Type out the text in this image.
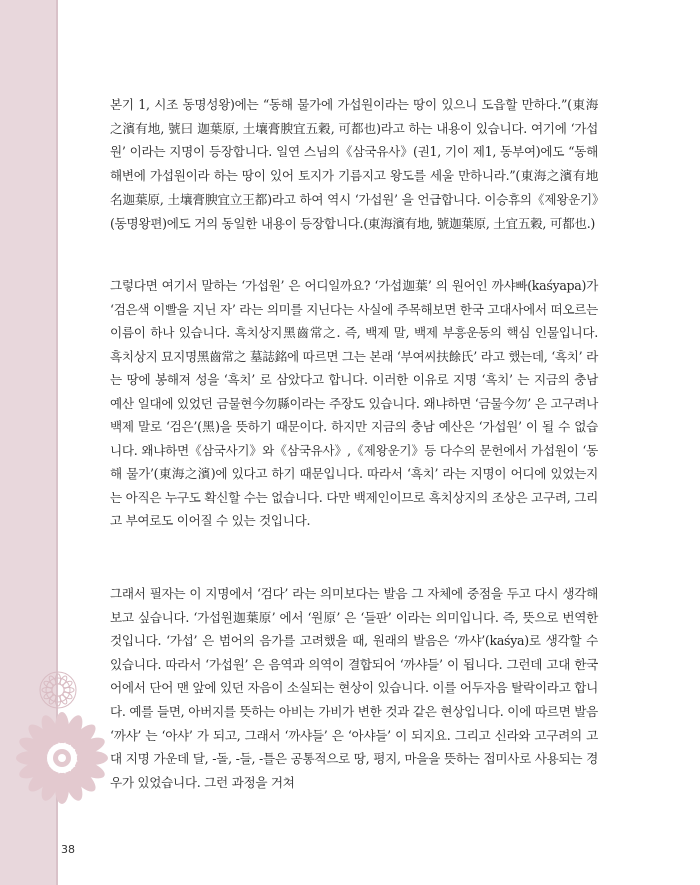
본기 1, 시조 동명성왕)에는 “동해 물가에 가섭원이라는 땅이 있으니 도읍할 만하다.”(東海之濱有地, 號曰 迦葉原, 土壤膏腴宜五穀, 可都也)라고 하는 내용이 있습니다. 여기에 ‘가섭원’ 이라는 지명이 등장합니다. 일연 스님의《삼국유사》(권1, 기이 제1, 동부여)에도 “동해 해변에 가섭원이라 하는 땅이 있어 토지가 기름지고 왕도를 세울 만하니라.”(東海之濱有地名迦葉原, 土壤膏腴宜立王都)라고 하여 역시 ‘가섭원’ 을 언급합니다. 이승휴의《제왕운기》(동명왕편)에도 거의 동일한 내용이 등장합니다.(東海濱有地, 號迦葉原, 土宜五穀, 可都也.)

그렇다면 여기서 말하는 ‘가섭원’ 은 어디일까요? ‘가섭迦葉’ 의 원어인 까샤빠(kaśyapa)가 ‘검은색 이빨을 지닌 자’ 라는 의미를 지닌다는 사실에 주목해보면 한국 고대사에서 떠오르는 이름이 하나 있습니다. 흑치상지黑齒常之. 즉, 백제 말, 백제 부흥운동의 핵심 인물입니다. 흑치상지 묘지명黑齒常之 墓誌銘에 따르면 그는 본래 ‘부여씨扶餘氏’ 라고 했는데, ‘흑치’ 라는 땅에 봉해져 성을 ‘흑치’ 로 삼았다고 합니다. 이러한 이유로 지명 ‘흑치’ 는 지금의 충남 예산 일대에 있었던 금물현今勿縣이라는 주장도 있습니다. 왜냐하면 ‘금물今勿’ 은 고구려나 백제 말로 ‘검은’(黑)을 뜻하기 때문이다. 하지만 지금의 충남 예산은 ‘가섭원’ 이 될 수 없습니다. 왜냐하면《삼국사기》와《삼국유사》,《제왕운기》등 다수의 문헌에서 가섭원이 ‘동해 물가’(東海之濱)에 있다고 하기 때문입니다. 따라서 ‘흑치’ 라는 지명이 어디에 있었는지는 아직은 누구도 확신할 수는 없습니다. 다만 백제인이므로 흑치상지의 조상은 고구려, 그리고 부여로도 이어질 수 있는 것입니다.

그래서 필자는 이 지명에서 ‘검다’ 라는 의미보다는 발음 그 자체에 중점을 두고 다시 생각해보고 싶습니다. ‘가섭원迦葉原’ 에서 ‘원原’ 은 ‘들판’ 이라는 의미입니다. 즉, 뜻으로 번역한 것입니다. ‘가섭’ 은 범어의 음가를 고려했을 때, 원래의 발음은 ‘까샤’(kaśya)로 생각할 수 있습니다. 따라서 ‘가섭원’ 은 음역과 의역이 결합되어 ‘까샤들’ 이 됩니다. 그런데 고대 한국어에서 단어 맨 앞에 있던 자음이 소실되는 현상이 있습니다. 이를 어두자음 탈락이라고 합니다. 예를 들면, 아버지를 뜻하는 아비는 가비가 변한 것과 같은 현상입니다. 이에 따르면 발음 ‘까샤’ 는 ‘아샤’ 가 되고, 그래서 ‘까샤들’ 은 ‘아샤들’ 이 되지요. 그리고 신라와 고구려의 고대 지명 가운데 달, -돌, -들, -틀은 공통적으로 땅, 평지, 마을을 뜻하는 접미사로 사용되는 경우가 있었습니다. 그런 과정을 거쳐

38
